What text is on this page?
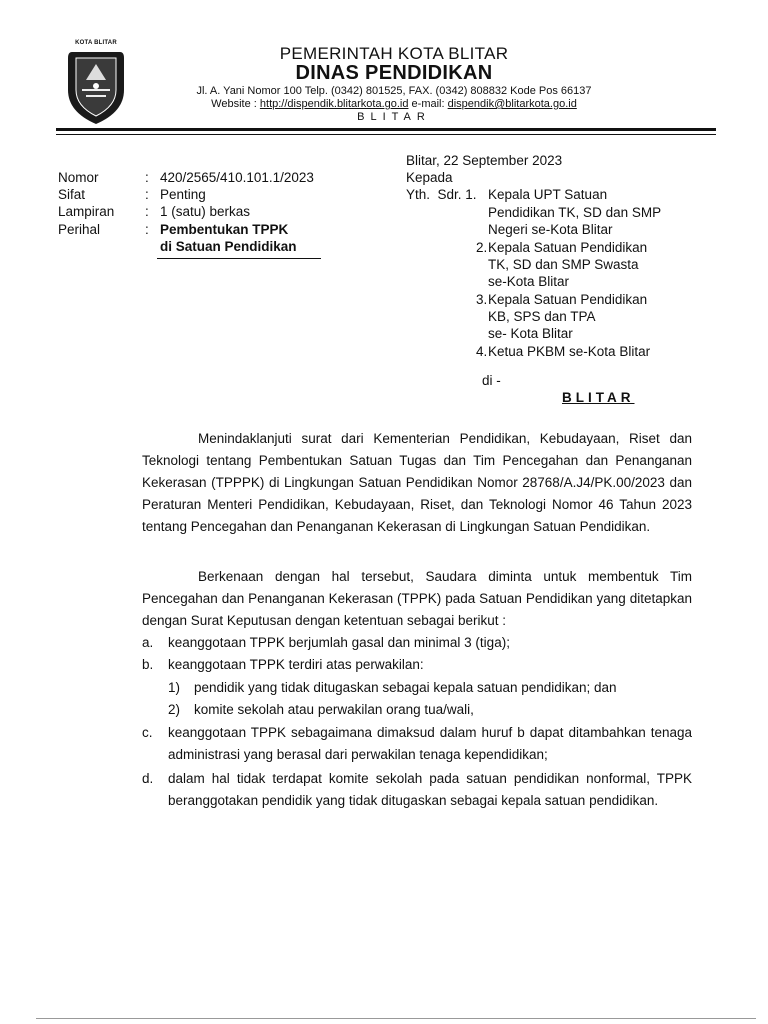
KOTA BLITAR
PEMERINTAH KOTA BLITAR
DINAS PENDIDIKAN
Jl. A. Yani Nomor 100 Telp. (0342) 801525, FAX. (0342) 808832 Kode Pos 66137
Website : http://dispendik.blitarkota.go.id e-mail: dispendik@blitarkota.go.id
BLITAR
Nomor	: 420/2565/410.101.1/2023
Sifat	: Penting
Lampiran : 1 (satu) berkas
Perihal	: Pembentukan TPPK
di Satuan Pendidikan
Blitar, 22 September 2023
Kepada
Yth.  Sdr. 1. Kepala UPT Satuan
Pendidikan TK, SD dan SMP
Negeri se-Kota Blitar
2. Kepala Satuan Pendidikan
TK, SD dan SMP Swasta
se-Kota Blitar
3. Kepala Satuan Pendidikan
KB, SPS dan TPA
se- Kota Blitar
4. Ketua PKBM se-Kota Blitar
di -
BLITAR
Menindaklanjuti surat dari Kementerian Pendidikan, Kebudayaan, Riset dan Teknologi tentang Pembentukan Satuan Tugas dan Tim Pencegahan dan Penanganan Kekerasan (TPPPK) di Lingkungan Satuan Pendidikan Nomor 28768/A.J4/PK.00/2023 dan Peraturan Menteri Pendidikan, Kebudayaan, Riset, dan Teknologi Nomor 46 Tahun 2023 tentang Pencegahan dan Penanganan Kekerasan di Lingkungan Satuan Pendidikan.
Berkenaan dengan hal tersebut, Saudara diminta untuk membentuk Tim Pencegahan dan Penanganan Kekerasan (TPPK) pada Satuan Pendidikan yang ditetapkan dengan Surat Keputusan dengan ketentuan sebagai berikut :
a. keanggotaan TPPK berjumlah gasal dan minimal 3 (tiga);
b. keanggotaan TPPK terdiri atas perwakilan:
1) pendidik yang tidak ditugaskan sebagai kepala satuan pendidikan; dan
2) komite sekolah atau perwakilan orang tua/wali,
c. keanggotaan TPPK sebagaimana dimaksud dalam huruf b dapat ditambahkan tenaga administrasi yang berasal dari perwakilan tenaga kependidikan;
d. dalam hal tidak terdapat komite sekolah pada satuan pendidikan nonformal, TPPK beranggotakan pendidik yang tidak ditugaskan sebagai kepala satuan pendidikan.
